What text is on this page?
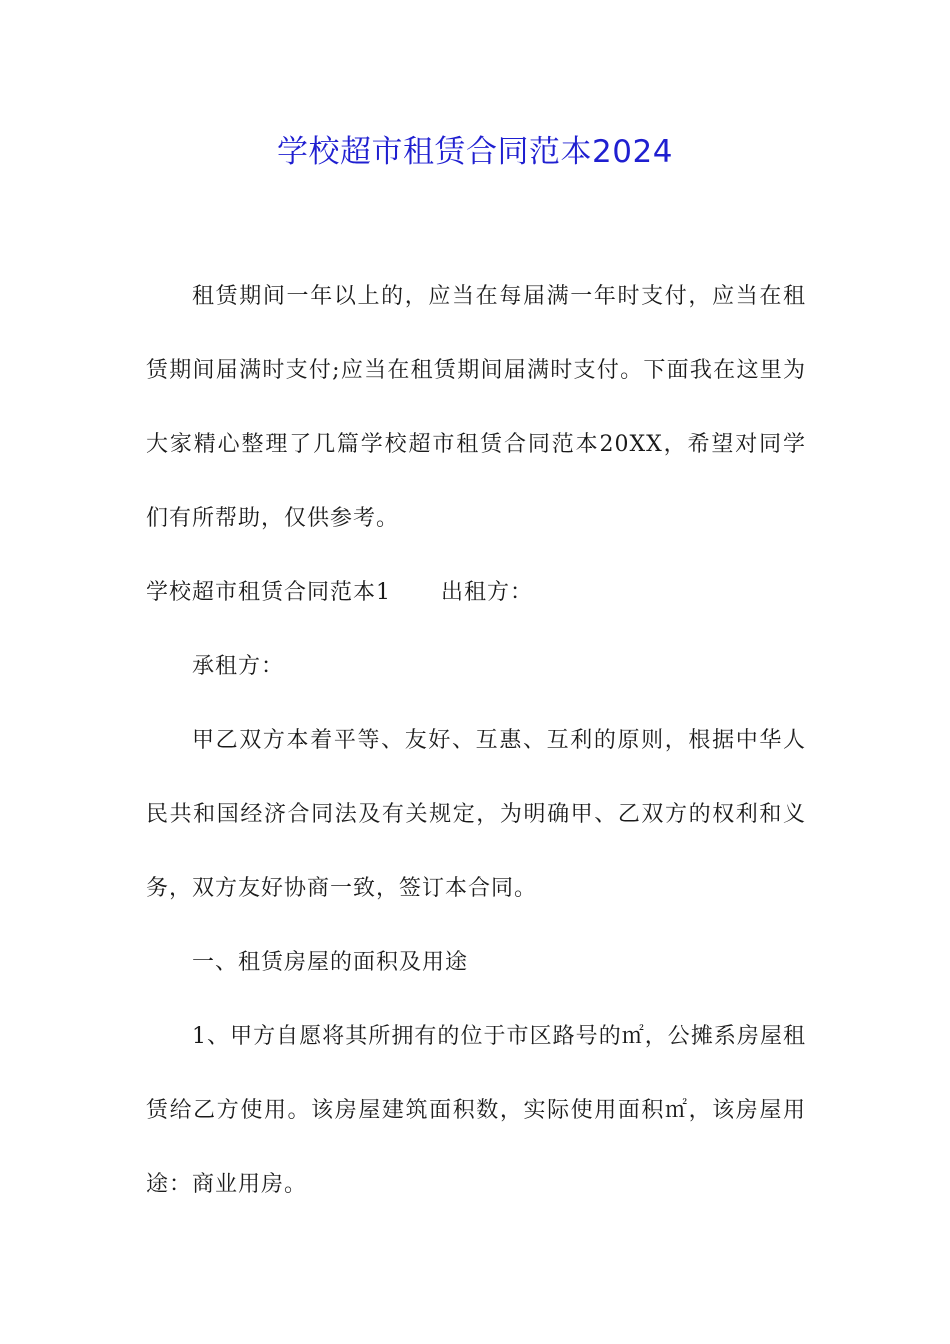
学校超市租赁合同范本2024

租赁期间一年以上的，应当在每届满一年时支付，应当在租赁期间届满时支付;应当在租赁期间届满时支付。下面我在这里为大家精心整理了几篇学校超市租赁合同范本20XX，希望对同学们有所帮助，仅供参考。

学校超市租赁合同范本1 出租方：

承租方：

甲乙双方本着平等、友好、互惠、互利的原则，根据中华人民共和国经济合同法及有关规定，为明确甲、乙双方的权利和义务，双方友好协商一致，签订本合同。

一、租赁房屋的面积及用途

1、甲方自愿将其所拥有的位于市区路号的㎡，公摊系房屋租赁给乙方使用。该房屋建筑面积数，实际使用面积㎡，该房屋用途：商业用房。
